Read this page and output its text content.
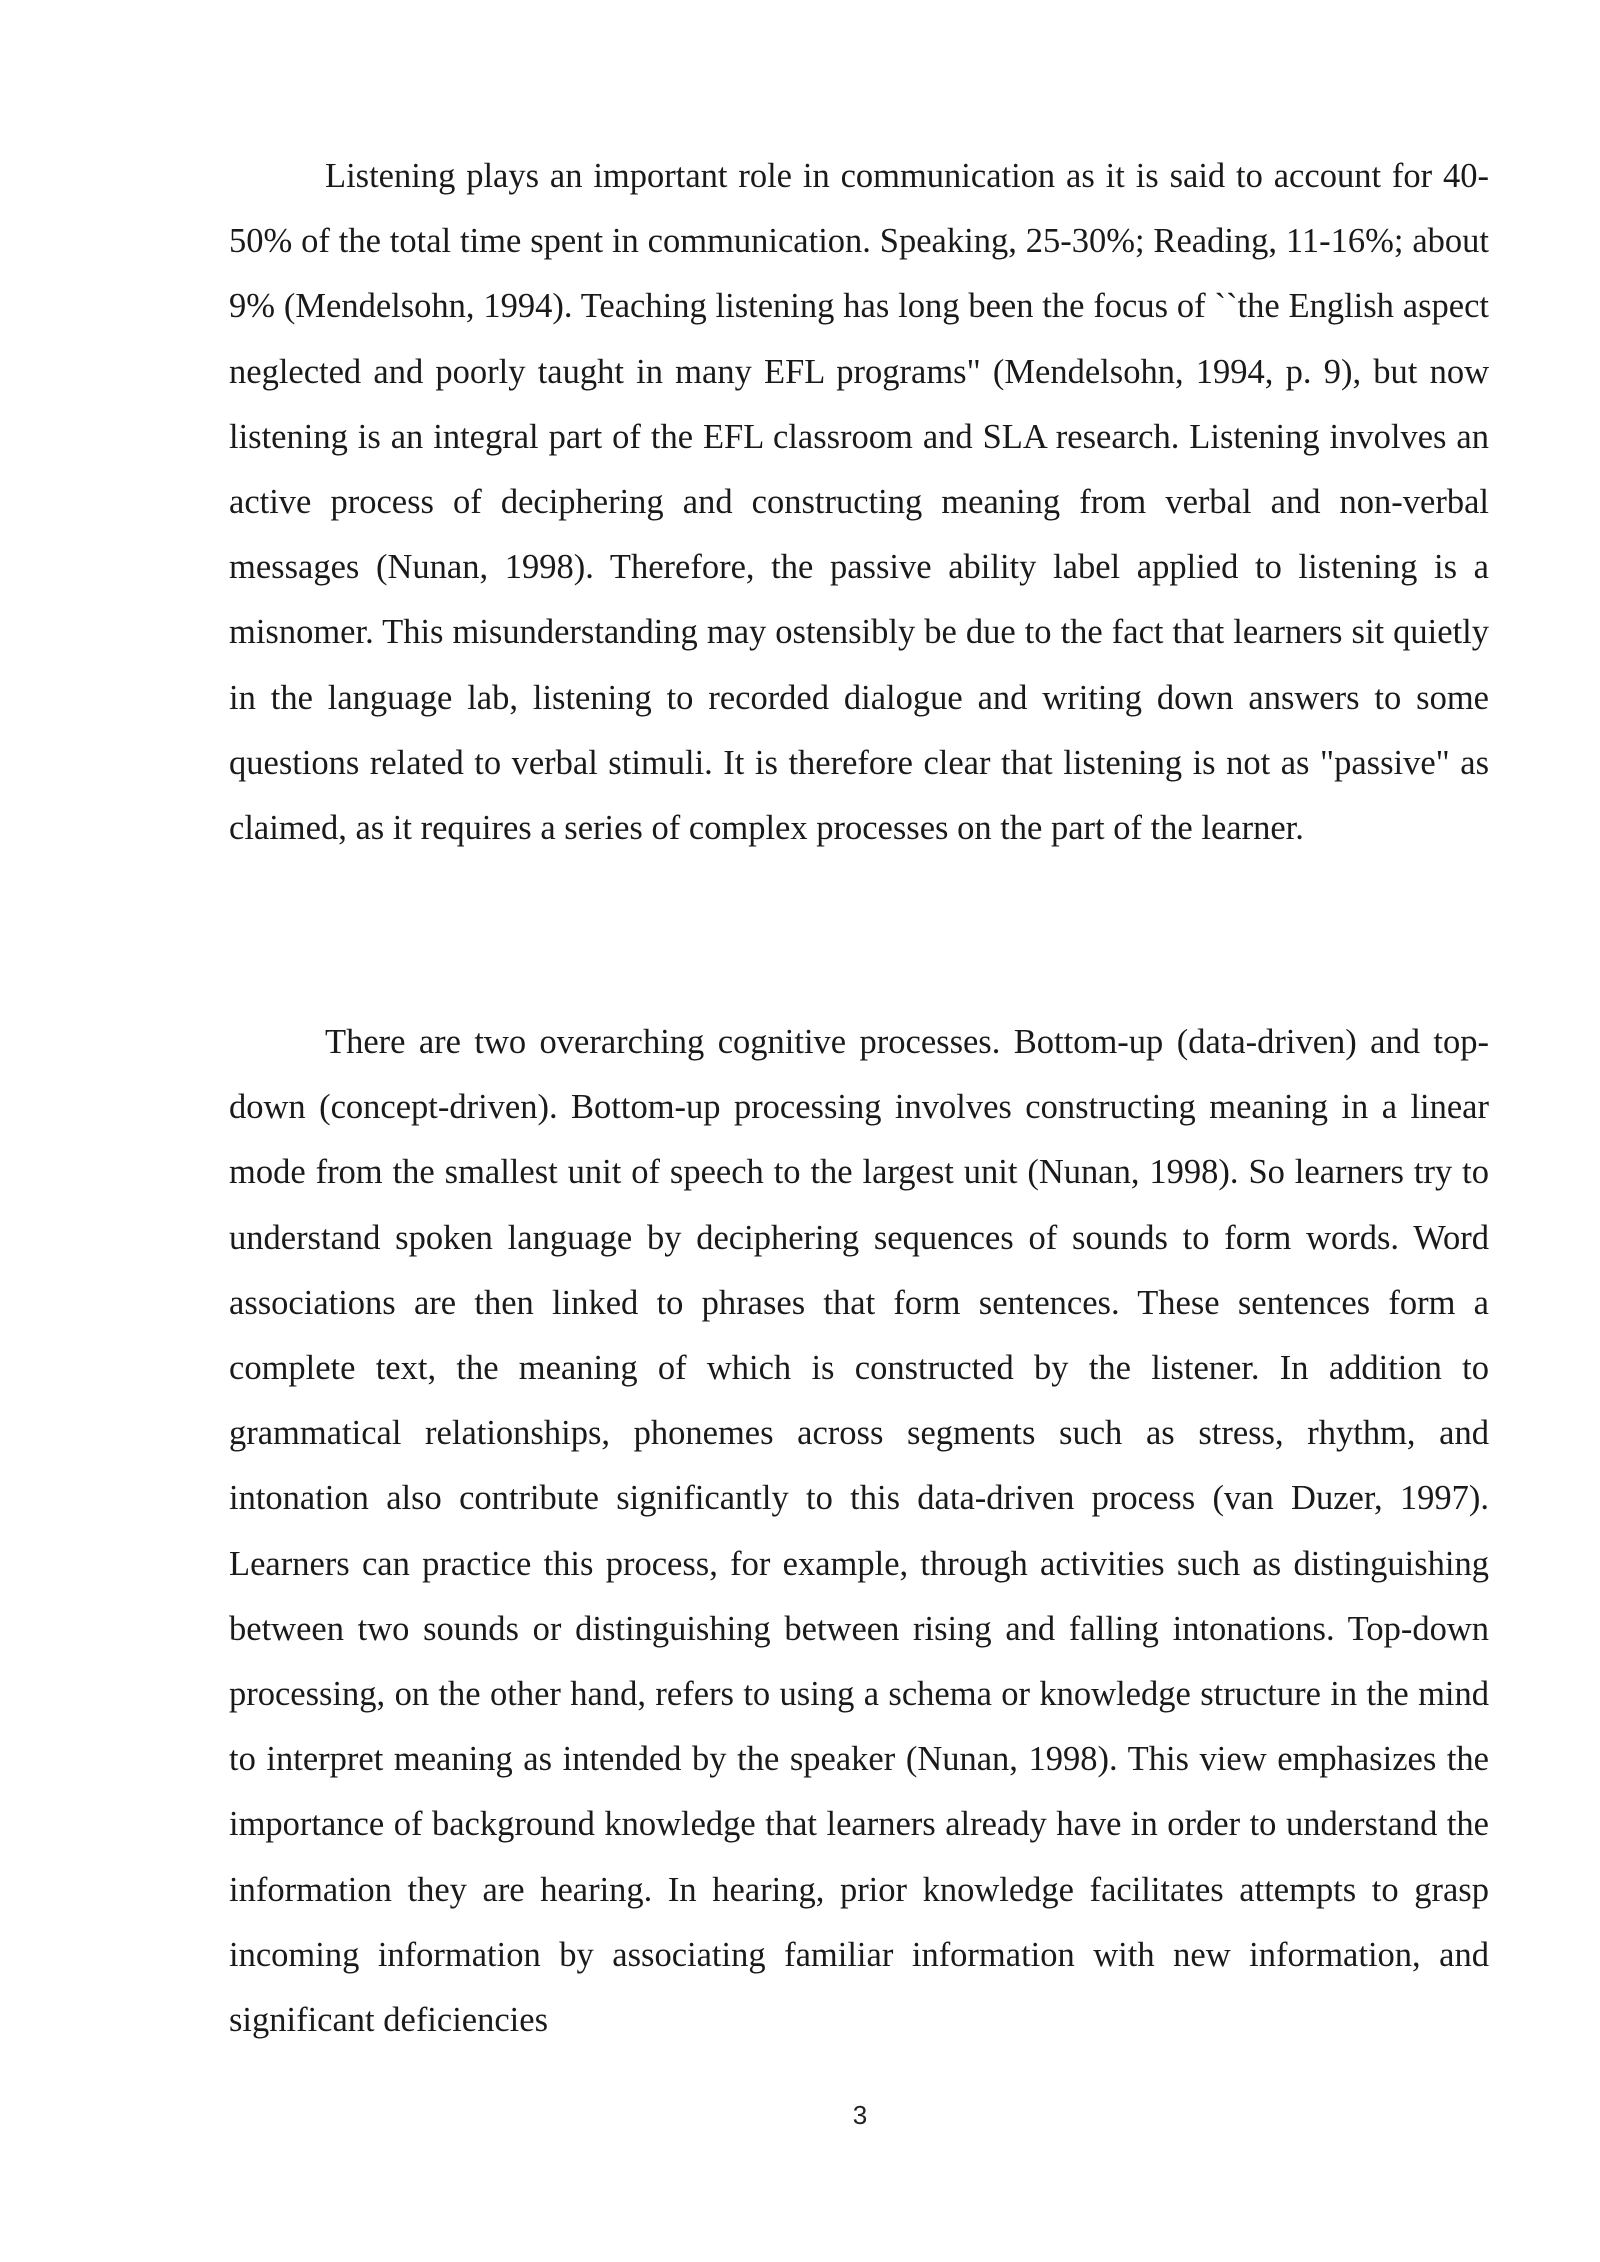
Listening plays an important role in communication as it is said to account for 40-50% of the total time spent in communication. Speaking, 25-30%; Reading, 11-16%; about 9% (Mendelsohn, 1994). Teaching listening has long been the focus of ``the English aspect neglected and poorly taught in many EFL programs" (Mendelsohn, 1994, p. 9), but now listening is an integral part of the EFL classroom and SLA research. Listening involves an active process of deciphering and constructing meaning from verbal and non-verbal messages (Nunan, 1998). Therefore, the passive ability label applied to listening is a misnomer. This misunderstanding may ostensibly be due to the fact that learners sit quietly in the language lab, listening to recorded dialogue and writing down answers to some questions related to verbal stimuli. It is therefore clear that listening is not as "passive" as claimed, as it requires a series of complex processes on the part of the learner.

There are two overarching cognitive processes. Bottom-up (data-driven) and top-down (concept-driven). Bottom-up processing involves constructing meaning in a linear mode from the smallest unit of speech to the largest unit (Nunan, 1998). So learners try to understand spoken language by deciphering sequences of sounds to form words. Word associations are then linked to phrases that form sentences. These sentences form a complete text, the meaning of which is constructed by the listener. In addition to grammatical relationships, phonemes across segments such as stress, rhythm, and intonation also contribute significantly to this data-driven process (van Duzer, 1997). Learners can practice this process, for example, through activities such as distinguishing between two sounds or distinguishing between rising and falling intonations. Top-down processing, on the other hand, refers to using a schema or knowledge structure in the mind to interpret meaning as intended by the speaker (Nunan, 1998). This view emphasizes the importance of background knowledge that learners already have in order to understand the information they are hearing. In hearing, prior knowledge facilitates attempts to grasp incoming information by associating familiar information with new information, and significant deficiencies

3
